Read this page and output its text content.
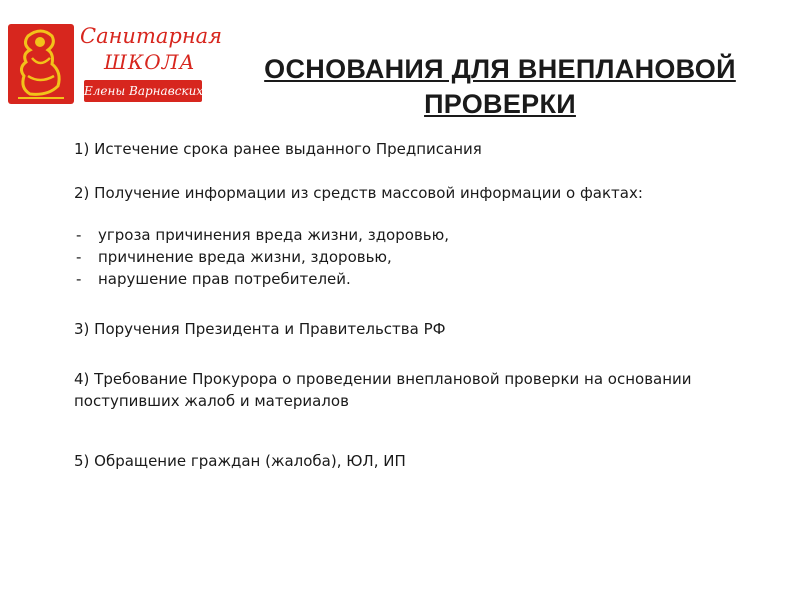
Санитарная
ШКОЛА
Елены Варнавских
ОСНОВАНИЯ ДЛЯ ВНЕПЛАНОВОЙ ПРОВЕРКИ

1) Истечение срока ранее выданного Предписания

2) Получение информации из средств массовой информации о фактах:

- угроза причинения вреда жизни, здоровью,
- причинение вреда жизни, здоровью,
- нарушение прав потребителей.

3) Поручения Президента и Правительства РФ

4) Требование Прокурора о проведении внеплановой проверки на основании поступивших жалоб и материалов

5) Обращение граждан (жалоба), ЮЛ, ИП
